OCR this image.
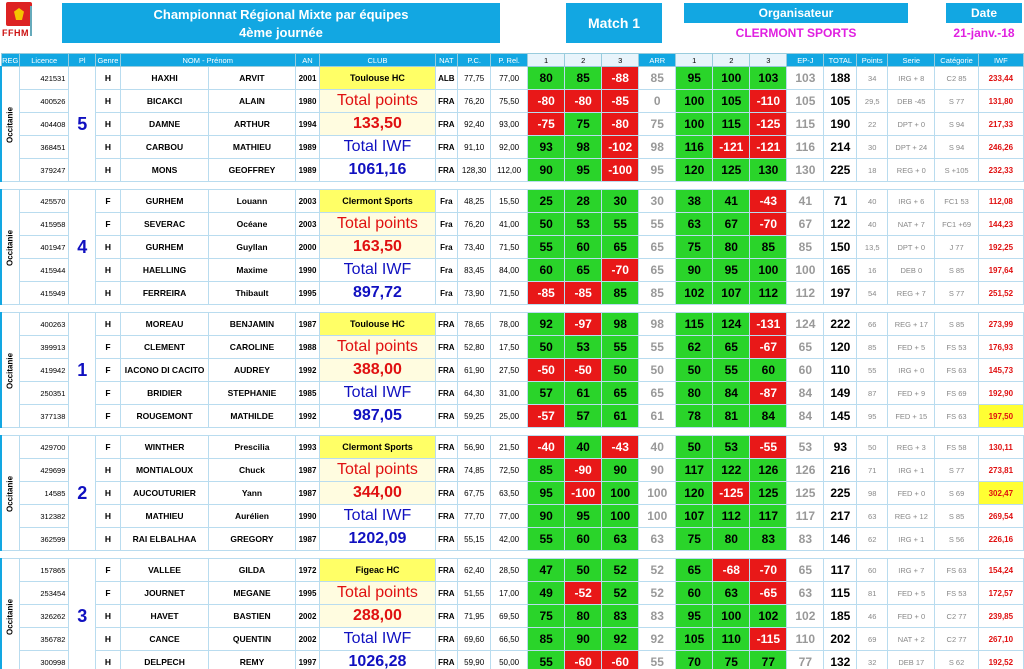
FFHM
Championnat Régional Mixte par équipes
4ème journée
Match 1
Organisateur
CLERMONT SPORTS
Date
21-janv.-18
REG	Licence	Pl	Genre	NOM - Prénom		AN	CLUB	NAT	P.C.	P. Rel.	1	2	3	ARR	1	2	3	EP-J	TOTAL	Points	Serie	Catégorie	IWF
Occitanie	421531	5	H	HAXHI	ARVIT	2001	Toulouse HC	ALB	77,75	77,00	80	85	-88	85	95	100	103	103	188	34	IRG + 8	C2 85	233,44
	400526		H	BICAKCI	ALAIN	1980	Total points	FRA	76,20	75,50	-80	-80	-85	0	100	105	-110	105	105	29,5	DEB -45	S 77	131,80
	404408		H	DAMNE	ARTHUR	1994	133,50	FRA	92,40	93,00	-75	75	-80	75	100	115	-125	115	190	22	DPT + 0	S 94	217,33
	368451		H	CARBOU	MATHIEU	1989	Total IWF	FRA	91,10	92,00	93	98	-102	98	116	-121	-121	116	214	30	DPT + 24	S 94	246,26
	379247		H	MONS	GEOFFREY	1989	1061,16	FRA	128,30	112,00	90	95	-100	95	120	125	130	130	225	18	REG + 0	S +105	232,33

Occitanie	425570	4	F	GURHEM	Louann	2003	Clermont Sports	Fra	48,25	15,50	25	28	30	30	38	41	-43	41	71	40	IRG + 6	FC1 53	112,08
	415958		F	SEVERAC	Océane	2003	Total points	Fra	76,20	41,00	50	53	55	55	63	67	-70	67	122	40	NAT + 7	FC1 +69	144,23
	401947		H	GURHEM	Guyllan	2000	163,50	Fra	73,40	71,50	55	60	65	65	75	80	85	85	150	13,5	DPT + 0	J 77	192,25
	415944		H	HAELLING	Maxime	1990	Total IWF	Fra	83,45	84,00	60	65	-70	65	90	95	100	100	165	16	DEB 0	S 85	197,64
	415949		H	FERREIRA	Thibault	1995	897,72	Fra	73,90	71,50	-85	-85	85	85	102	107	112	112	197	54	REG + 7	S 77	251,52

Occitanie	400263	1	H	MOREAU	BENJAMIN	1987	Toulouse HC	FRA	78,65	78,00	92	-97	98	98	115	124	-131	124	222	66	REG + 17	S 85	273,99
	399913		F	CLEMENT	CAROLINE	1988	Total points	FRA	52,80	17,50	50	53	55	55	62	65	-67	65	120	85	FED + 5	FS 53	176,93
	419942		F	IACONO DI CACITO	AUDREY	1992	388,00	FRA	61,90	27,50	-50	-50	50	50	50	55	60	60	110	55	IRG + 0	FS 63	145,73
	250351		F	BRIDIER	STEPHANIE	1985	Total IWF	FRA	64,30	31,00	57	61	65	65	80	84	-87	84	149	87	FED + 9	FS 69	192,90
	377138		F	ROUGEMONT	MATHILDE	1992	987,05	FRA	59,25	25,00	-57	57	61	61	78	81	84	84	145	95	FED + 15	FS 63	197,50

Occitanie	429700	2	F	WINTHER	Prescilia	1993	Clermont Sports	FRA	56,90	21,50	-40	40	-43	40	50	53	-55	53	93	50	REG + 3	FS 58	130,11
	429699		H	MONTIALOUX	Chuck	1987	Total points	FRA	74,85	72,50	85	-90	90	90	117	122	126	126	216	71	IRG + 1	S 77	273,81
	14585		H	AUCOUTURIER	Yann	1987	344,00	FRA	67,75	63,50	95	-100	100	100	120	-125	125	125	225	98	FED + 0	S 69	302,47
	312382		H	MATHIEU	Aurélien	1990	Total IWF	FRA	77,70	77,00	90	95	100	100	107	112	117	117	217	63	REG + 12	S 85	269,54
	362599		H	RAI ELBALHAA	GREGORY	1987	1202,09	FRA	55,15	42,00	55	60	63	63	75	80	83	83	146	62	IRG + 1	S 56	226,16

Occitanie	157865	3	F	VALLEE	GILDA	1972	Figeac HC	FRA	62,40	28,50	47	50	52	52	65	-68	-70	65	117	60	IRG + 7	FS 63	154,24
	253454		F	JOURNET	MEGANE	1995	Total points	FRA	51,55	17,00	49	-52	52	52	60	63	-65	63	115	81	FED + 5	FS 53	172,57
	326262		H	HAVET	BASTIEN	2002	288,00	FRA	71,95	69,50	75	80	83	83	95	100	102	102	185	46	FED + 0	C2 77	239,85
	356782		H	CANCE	QUENTIN	2002	Total IWF	FRA	69,60	66,50	85	90	92	92	105	110	-115	110	202	69	NAT + 2	C2 77	267,10
	300998		H	DELPECH	REMY	1997	1026,28	FRA	59,90	50,00	55	-60	-60	55	70	75	77	77	132	32	DEB 17	S 62	192,52
